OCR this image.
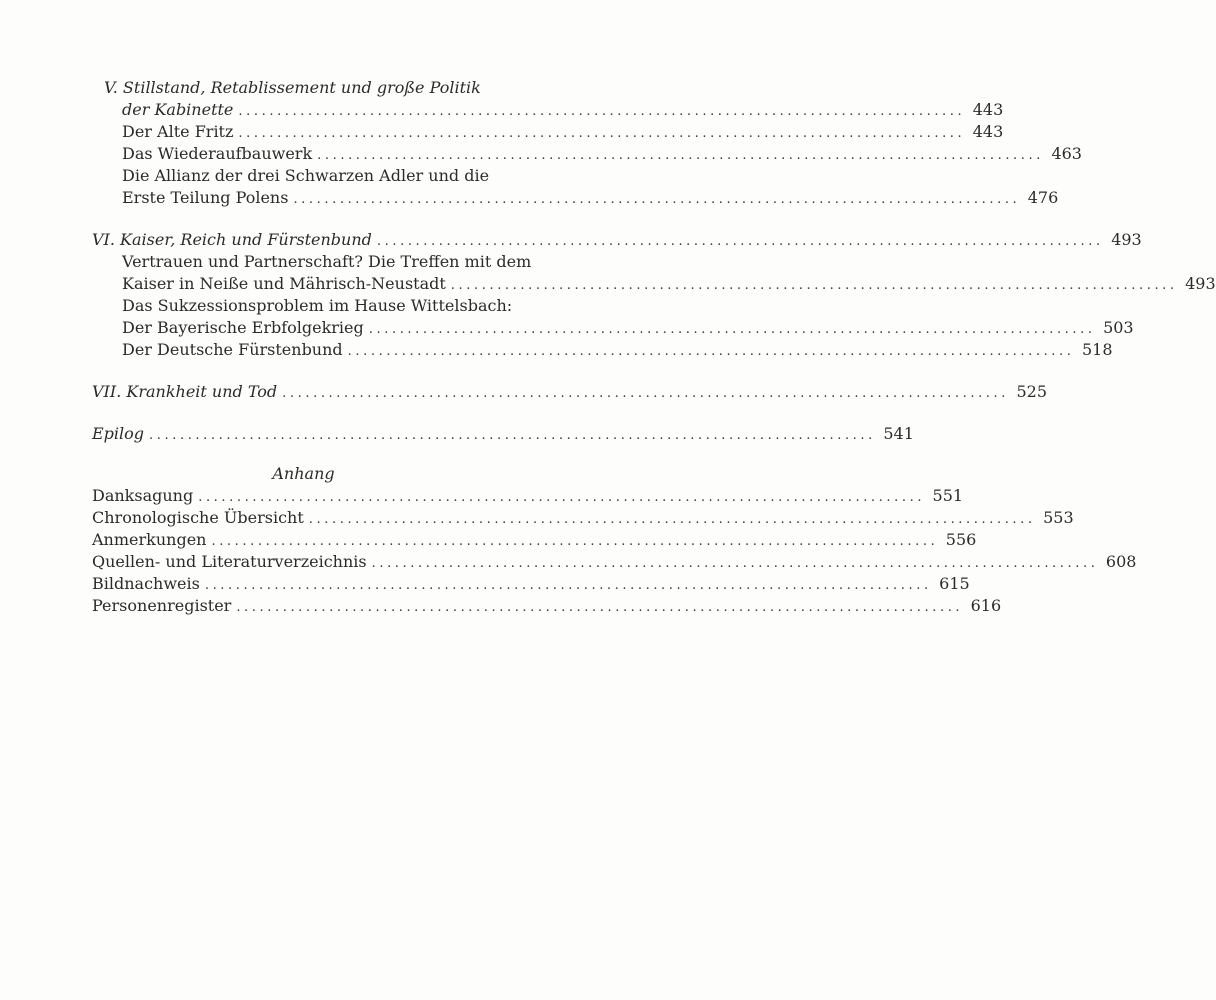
V. Stillstand, Retablissement und große Politik
der Kabinette .............................................................................................. 443
Der Alte Fritz .............................................................................................. 443
Das Wiederaufbauwerk .............................................................................................. 463
Die Allianz der drei Schwarzen Adler und die
Erste Teilung Polens .............................................................................................. 476
VI. Kaiser, Reich und Fürstenbund .............................................................................................. 493
Vertrauen und Partnerschaft? Die Treffen mit dem
Kaiser in Neiße und Mährisch-Neustadt .............................................................................................. 493
Das Sukzessionsproblem im Hause Wittelsbach:
Der Bayerische Erbfolgekrieg .............................................................................................. 503
Der Deutsche Fürstenbund .............................................................................................. 518
VII. Krankheit und Tod .............................................................................................. 525
Epilog .............................................................................................. 541
Anhang
Danksagung .............................................................................................. 551
Chronologische Übersicht .............................................................................................. 553
Anmerkungen .............................................................................................. 556
Quellen- und Literaturverzeichnis .............................................................................................. 608
Bildnachweis .............................................................................................. 615
Personenregister .............................................................................................. 616
